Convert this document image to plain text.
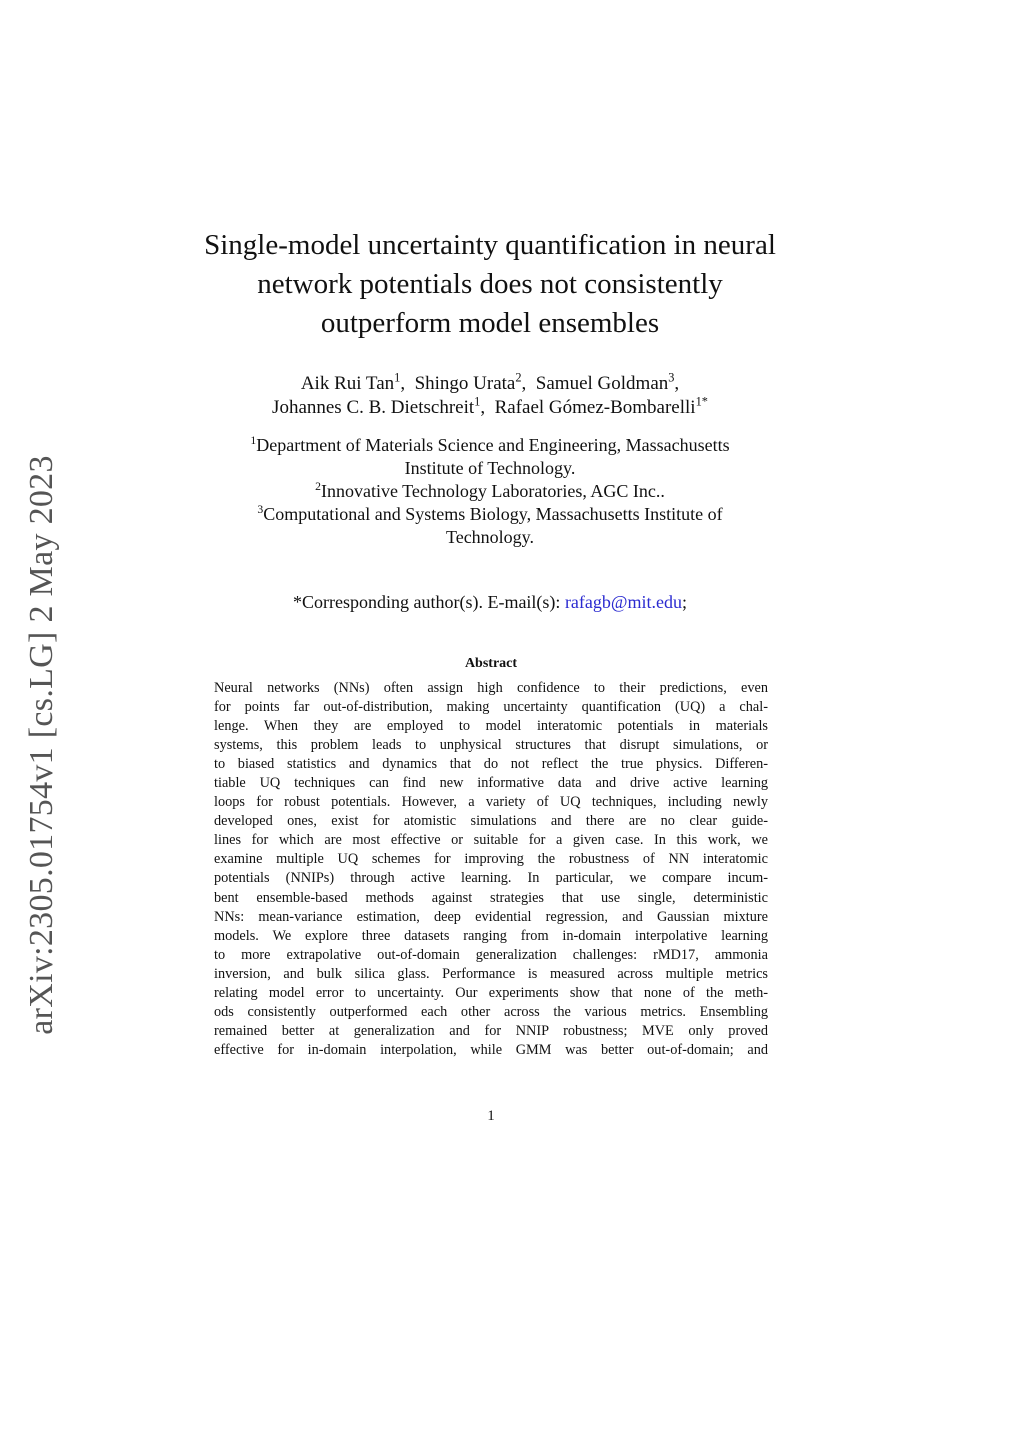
arXiv:2305.01754v1 [cs.LG] 2 May 2023
Single-model uncertainty quantification in neural
network potentials does not consistently
outperform model ensembles
Aik Rui Tan$^1$,  Shingo Urata$^2$,  Samuel Goldman$^3$,
Johannes C. B. Dietschreit$^1$,  Rafael Gómez-Bombarelli$^{1*}$
$^1$Department of Materials Science and Engineering, Massachusetts
Institute of Technology.
$^2$Innovative Technology Laboratories, AGC Inc..
$^3$Computational and Systems Biology, Massachusetts Institute of
Technology.
*Corresponding author(s). E-mail(s): rafagb@mit.edu;
Abstract
Neural networks (NNs) often assign high confidence to their predictions, even
for points far out-of-distribution, making uncertainty quantification (UQ) a chal-
lenge. When they are employed to model interatomic potentials in materials
systems, this problem leads to unphysical structures that disrupt simulations, or
to biased statistics and dynamics that do not reflect the true physics. Differen-
tiable UQ techniques can find new informative data and drive active learning
loops for robust potentials. However, a variety of UQ techniques, including newly
developed ones, exist for atomistic simulations and there are no clear guide-
lines for which are most effective or suitable for a given case. In this work, we
examine multiple UQ schemes for improving the robustness of NN interatomic
potentials (NNIPs) through active learning. In particular, we compare incum-
bent ensemble-based methods against strategies that use single, deterministic
NNs: mean-variance estimation, deep evidential regression, and Gaussian mixture
models. We explore three datasets ranging from in-domain interpolative learning
to more extrapolative out-of-domain generalization challenges: rMD17, ammonia
inversion, and bulk silica glass. Performance is measured across multiple metrics
relating model error to uncertainty. Our experiments show that none of the meth-
ods consistently outperformed each other across the various metrics. Ensembling
remained better at generalization and for NNIP robustness; MVE only proved
effective for in-domain interpolation, while GMM was better out-of-domain; and
1
